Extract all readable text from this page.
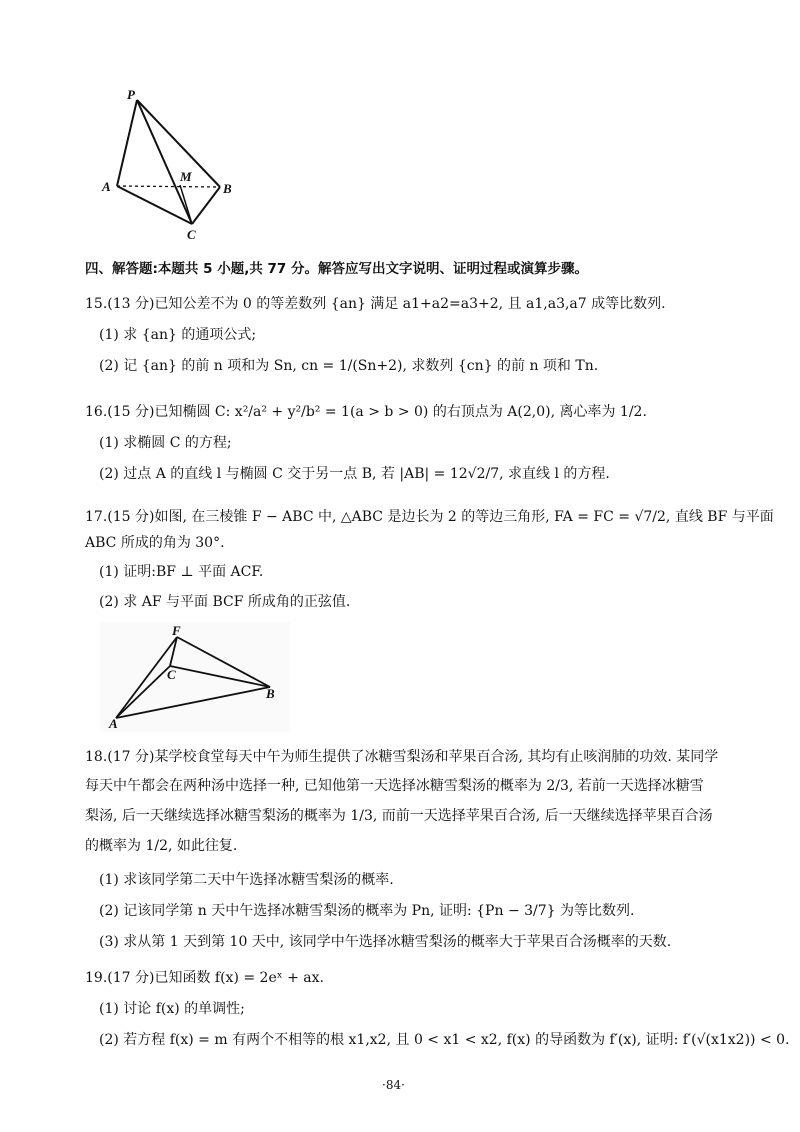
P
M
A	B
C
四、解答题:本题共 5 小题,共 77 分。解答应写出文字说明、证明过程或演算步骤。
15.(13 分)已知公差不为 0 的等差数列 {an} 满足 a1+a2=a3+2, 且 a1,a3,a7 成等比数列.
(1) 求 {an} 的通项公式;
(2) 记 {an} 的前 n 项和为 Sn, cn = 1/(Sn+2), 求数列 {cn} 的前 n 项和 Tn.
16.(15 分)已知椭圆 C: x²/a² + y²/b² = 1(a > b > 0) 的右顶点为 A(2,0), 离心率为 1/2.
(1) 求椭圆 C 的方程;
(2) 过点 A 的直线 l 与椭圆 C 交于另一点 B, 若 |AB| = 12√2/7, 求直线 l 的方程.
17.(15 分)如图, 在三棱锥 F − ABC 中, △ABC 是边长为 2 的等边三角形, FA = FC = √7/2, 直线 BF 与平面
ABC 所成的角为 30°.
(1) 证明:BF ⊥ 平面 ACF.
(2) 求 AF 与平面 BCF 所成角的正弦值.
F
C
A
B
18.(17 分)某学校食堂每天中午为师生提供了冰糖雪梨汤和苹果百合汤, 其均有止咳润肺的功效. 某同学
每天中午都会在两种汤中选择一种, 已知他第一天选择冰糖雪梨汤的概率为 2/3, 若前一天选择冰糖雪
梨汤, 后一天继续选择冰糖雪梨汤的概率为 1/3, 而前一天选择苹果百合汤, 后一天继续选择苹果百合汤
的概率为 1/2, 如此往复.
(1) 求该同学第二天中午选择冰糖雪梨汤的概率.
(2) 记该同学第 n 天中午选择冰糖雪梨汤的概率为 Pn, 证明: {Pn − 3/7} 为等比数列.
(3) 求从第 1 天到第 10 天中, 该同学中午选择冰糖雪梨汤的概率大于苹果百合汤概率的天数.
19.(17 分)已知函数 f(x) = 2eˣ + ax.
(1) 讨论 f(x) 的单调性;
(2) 若方程 f(x) = m 有两个不相等的根 x1,x2, 且 0 < x1 < x2, f(x) 的导函数为 f′(x), 证明: f′(√(x1x2)) < 0.
·84·
